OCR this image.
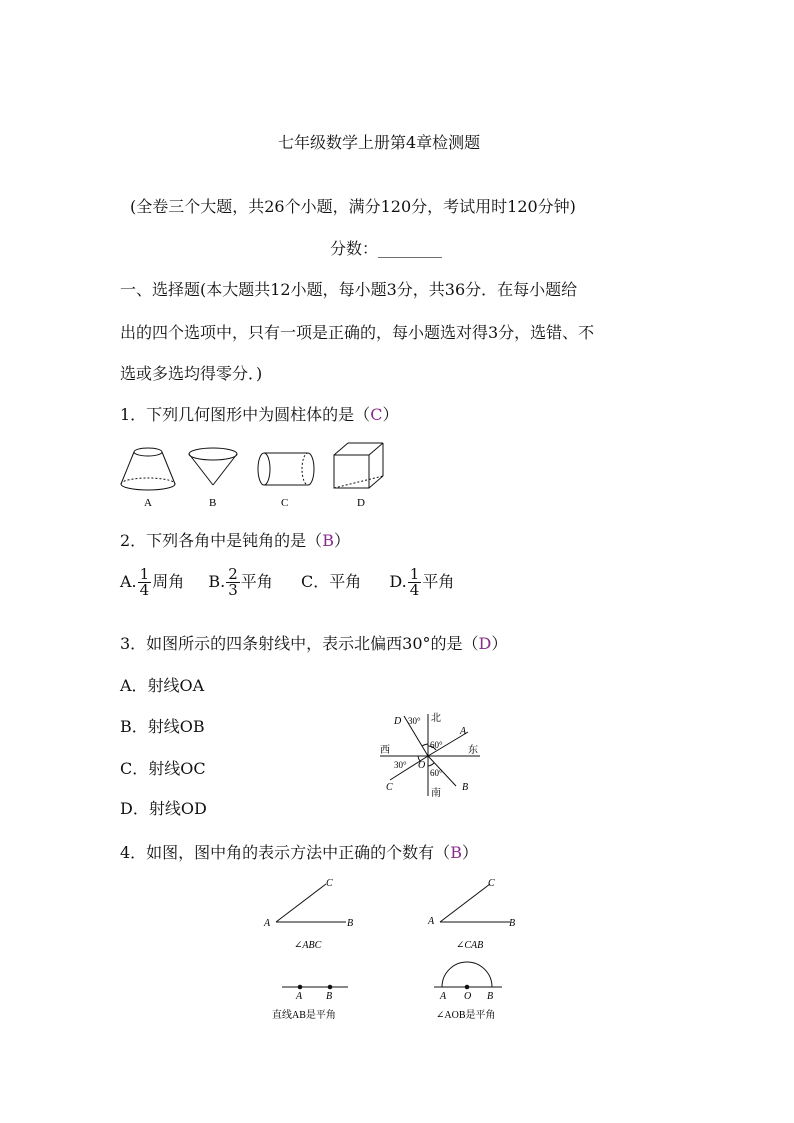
七年级数学上册第4章检测题
(全卷三个大题，共26个小题，满分120分，考试用时120分钟)
分数：________
一、选择题(本大题共12小题，每小题3分，共36分．在每小题给
出的四个选项中，只有一项是正确的，每小题选对得3分，选错、不
选或多选均得零分．)
1．下列几何图形中为圆柱体的是（C）
A	B	C	D
2．下列各角中是钝角的是（B）
A. $\frac{1}{4}$ 周角 B. $\frac{2}{3}$ 平角 C．平角 D. $\frac{1}{4}$ 平角
3．如图所示的四条射线中，表示北偏西30°的是（D）
A．射线OA
B．射线OB
C．射线OC
D．射线OD
北
南
东
西
30°
60°
30°
60°
D
A
C	B
O
4．如图，图中角的表示方法中正确的个数有（B）
A	B
C
A	B
C
A B	A O B
∠ABC	∠CAB
直线AB是平角	∠AOB是平角
